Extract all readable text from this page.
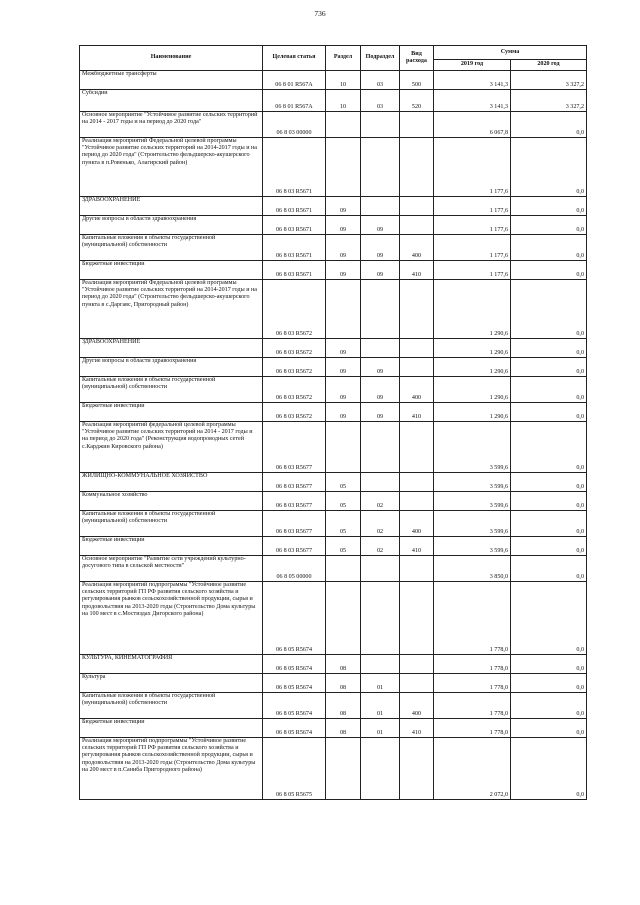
736
Наименование	Целевая статья	Раздел	Подраздел	Вид расхода	Сумма	
					2019 год	2020 год
Межбюджетные трансферты	06 8 01 R567A	10	03	500	3 141,3	3 327,2
Субсидии	06 8 01 R567A	10	03	520	3 141,3	3 327,2
Основное мероприятие "Устойчивое развитие сельских территорий на 2014 - 2017 годы и на период до 2020 года"	06 8 03 00000				6 067,8	0,0
Реализация мероприятий Федеральной целевой программы "Устойчивое развитие сельских территорий на 2014-2017 годы и на период до 2020 года" (Строительство фельдшерско-акушерского пункта в п.Ровенько, Алагирский район)	06 8 03 R5671				1 177,6	0,0
ЗДРАВООХРАНЕНИЕ	06 8 03 R5671	09			1 177,6	0,0
Другие вопросы в области здравоохранения	06 8 03 R5671	09	09		1 177,6	0,0
Капитальные вложения в объекты государственной (муниципальной) собственности	06 8 03 R5671	09	09	400	1 177,6	0,0
Бюджетные инвестиции	06 8 03 R5671	09	09	410	1 177,6	0,0
Реализация мероприятий Федеральной целевой программы "Устойчивое развитие сельских территорий на 2014-2017 годы и на период до 2020 года" (Строительство фельдшерско-акушерского пункта в с.Даргавс, Пригородный район)	06 8 03 R5672				1 290,6	0,0
ЗДРАВООХРАНЕНИЕ	06 8 03 R5672	09			1 290,6	0,0
Другие вопросы в области здравоохранения	06 8 03 R5672	09	09		1 290,6	0,0
Капитальные вложения в объекты государственной (муниципальной) собственности	06 8 03 R5672	09	09	400	1 290,6	0,0
Бюджетные инвестиции	06 8 03 R5672	09	09	410	1 290,6	0,0
Реализация мероприятий федеральной целевой программы "Устойчивое развитие сельских территорий на 2014 - 2017 годы и на период до 2020 года" (Реконструкция водопроводных сетей с.Карджин Кировского района)	06 8 03 R5677				3 599,6	0,0
ЖИЛИЩНО-КОММУНАЛЬНОЕ ХОЗЯЙСТВО	06 8 03 R5677	05			3 599,6	0,0
Коммунальное хозяйство	06 8 03 R5677	05	02		3 599,6	0,0
Капитальные вложения в объекты государственной (муниципальной) собственности	06 8 03 R5677	05	02	400	3 599,6	0,0
Бюджетные инвестиции	06 8 03 R5677	05	02	410	3 599,6	0,0
Основное мероприятие "Развитие сети учреждений культурно-досугового типа в сельской местности"	06 8 05 00000				3 850,0	0,0
Реализация мероприятий подпрограммы "Устойчивое развитие сельских территорий ГП РФ развития сельского хозяйства и регулирования рынков сельскохозяйственной продукции, сырья и продовольствия на 2013-2020 годы (Строительство Дома культуры на 100 мест в с.Мостиздах Дигорского района)	06 8 05 R5674				1 778,0	0,0
КУЛЬТУРА, КИНЕМАТОГРАФИЯ	06 8 05 R5674	08			1 778,0	0,0
Культура	06 8 05 R5674	08	01		1 778,0	0,0
Капитальные вложения в объекты государственной (муниципальной) собственности	06 8 05 R5674	08	01	400	1 778,0	0,0
Бюджетные инвестиции	06 8 05 R5674	08	01	410	1 778,0	0,0
Реализация мероприятий подпрограммы "Устойчивое развитие сельских территорий ГП РФ развития сельского хозяйства и регулирования рынков сельскохозяйственной продукции, сырья и продовольствия на 2013-2020 годы (Строительство Дома культуры на 200 мест в п.Саниба Пригородного района)	06 8 05 R5675				2 072,0	0,0
